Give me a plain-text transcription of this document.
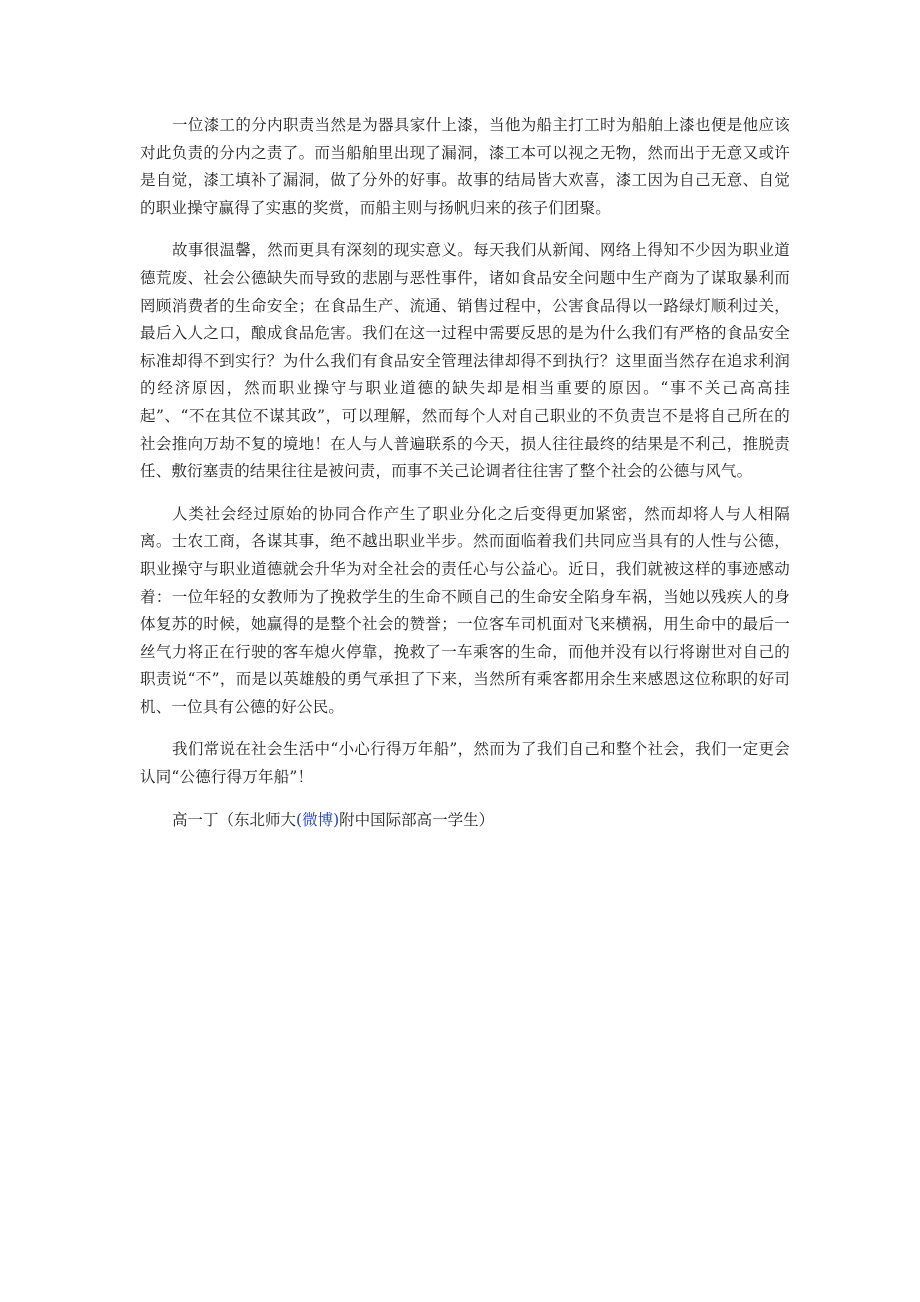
一位漆工的分内职责当然是为器具家什上漆，当他为船主打工时为船舶上漆也便是他应该对此负责的分内之责了。而当船舶里出现了漏洞，漆工本可以视之无物，然而出于无意又或许是自觉，漆工填补了漏洞，做了分外的好事。故事的结局皆大欢喜，漆工因为自己无意、自觉的职业操守赢得了实惠的奖赏，而船主则与扬帆归来的孩子们团聚。

故事很温馨，然而更具有深刻的现实意义。每天我们从新闻、网络上得知不少因为职业道德荒废、社会公德缺失而导致的悲剧与恶性事件，诸如食品安全问题中生产商为了谋取暴利而罔顾消费者的生命安全；在食品生产、流通、销售过程中，公害食品得以一路绿灯顺利过关，最后入人之口，酿成食品危害。我们在这一过程中需要反思的是为什么我们有严格的食品安全标准却得不到实行？为什么我们有食品安全管理法律却得不到执行？这里面当然存在追求利润的经济原因，然而职业操守与职业道德的缺失却是相当重要的原因。“事不关己高高挂起”、“不在其位不谋其政”，可以理解，然而每个人对自己职业的不负责岂不是将自己所在的社会推向万劫不复的境地！在人与人普遍联系的今天，损人往往最终的结果是不利己，推脱责任、敷衍塞责的结果往往是被问责，而事不关己论调者往往害了整个社会的公德与风气。

人类社会经过原始的协同合作产生了职业分化之后变得更加紧密，然而却将人与人相隔离。士农工商，各谋其事，绝不越出职业半步。然而面临着我们共同应当具有的人性与公德，职业操守与职业道德就会升华为对全社会的责任心与公益心。近日，我们就被这样的事迹感动着：一位年轻的女教师为了挽救学生的生命不顾自己的生命安全陷身车祸，当她以残疾人的身体复苏的时候，她赢得的是整个社会的赞誉；一位客车司机面对飞来横祸，用生命中的最后一丝气力将正在行驶的客车熄火停靠，挽救了一车乘客的生命，而他并没有以行将谢世对自己的职责说“不”，而是以英雄般的勇气承担了下来，当然所有乘客都用余生来感恩这位称职的好司机、一位具有公德的好公民。

我们常说在社会生活中“小心行得万年船”，然而为了我们自己和整个社会，我们一定更会认同“公德行得万年船”！

高一丁（东北师大(微博)附中国际部高一学生）
